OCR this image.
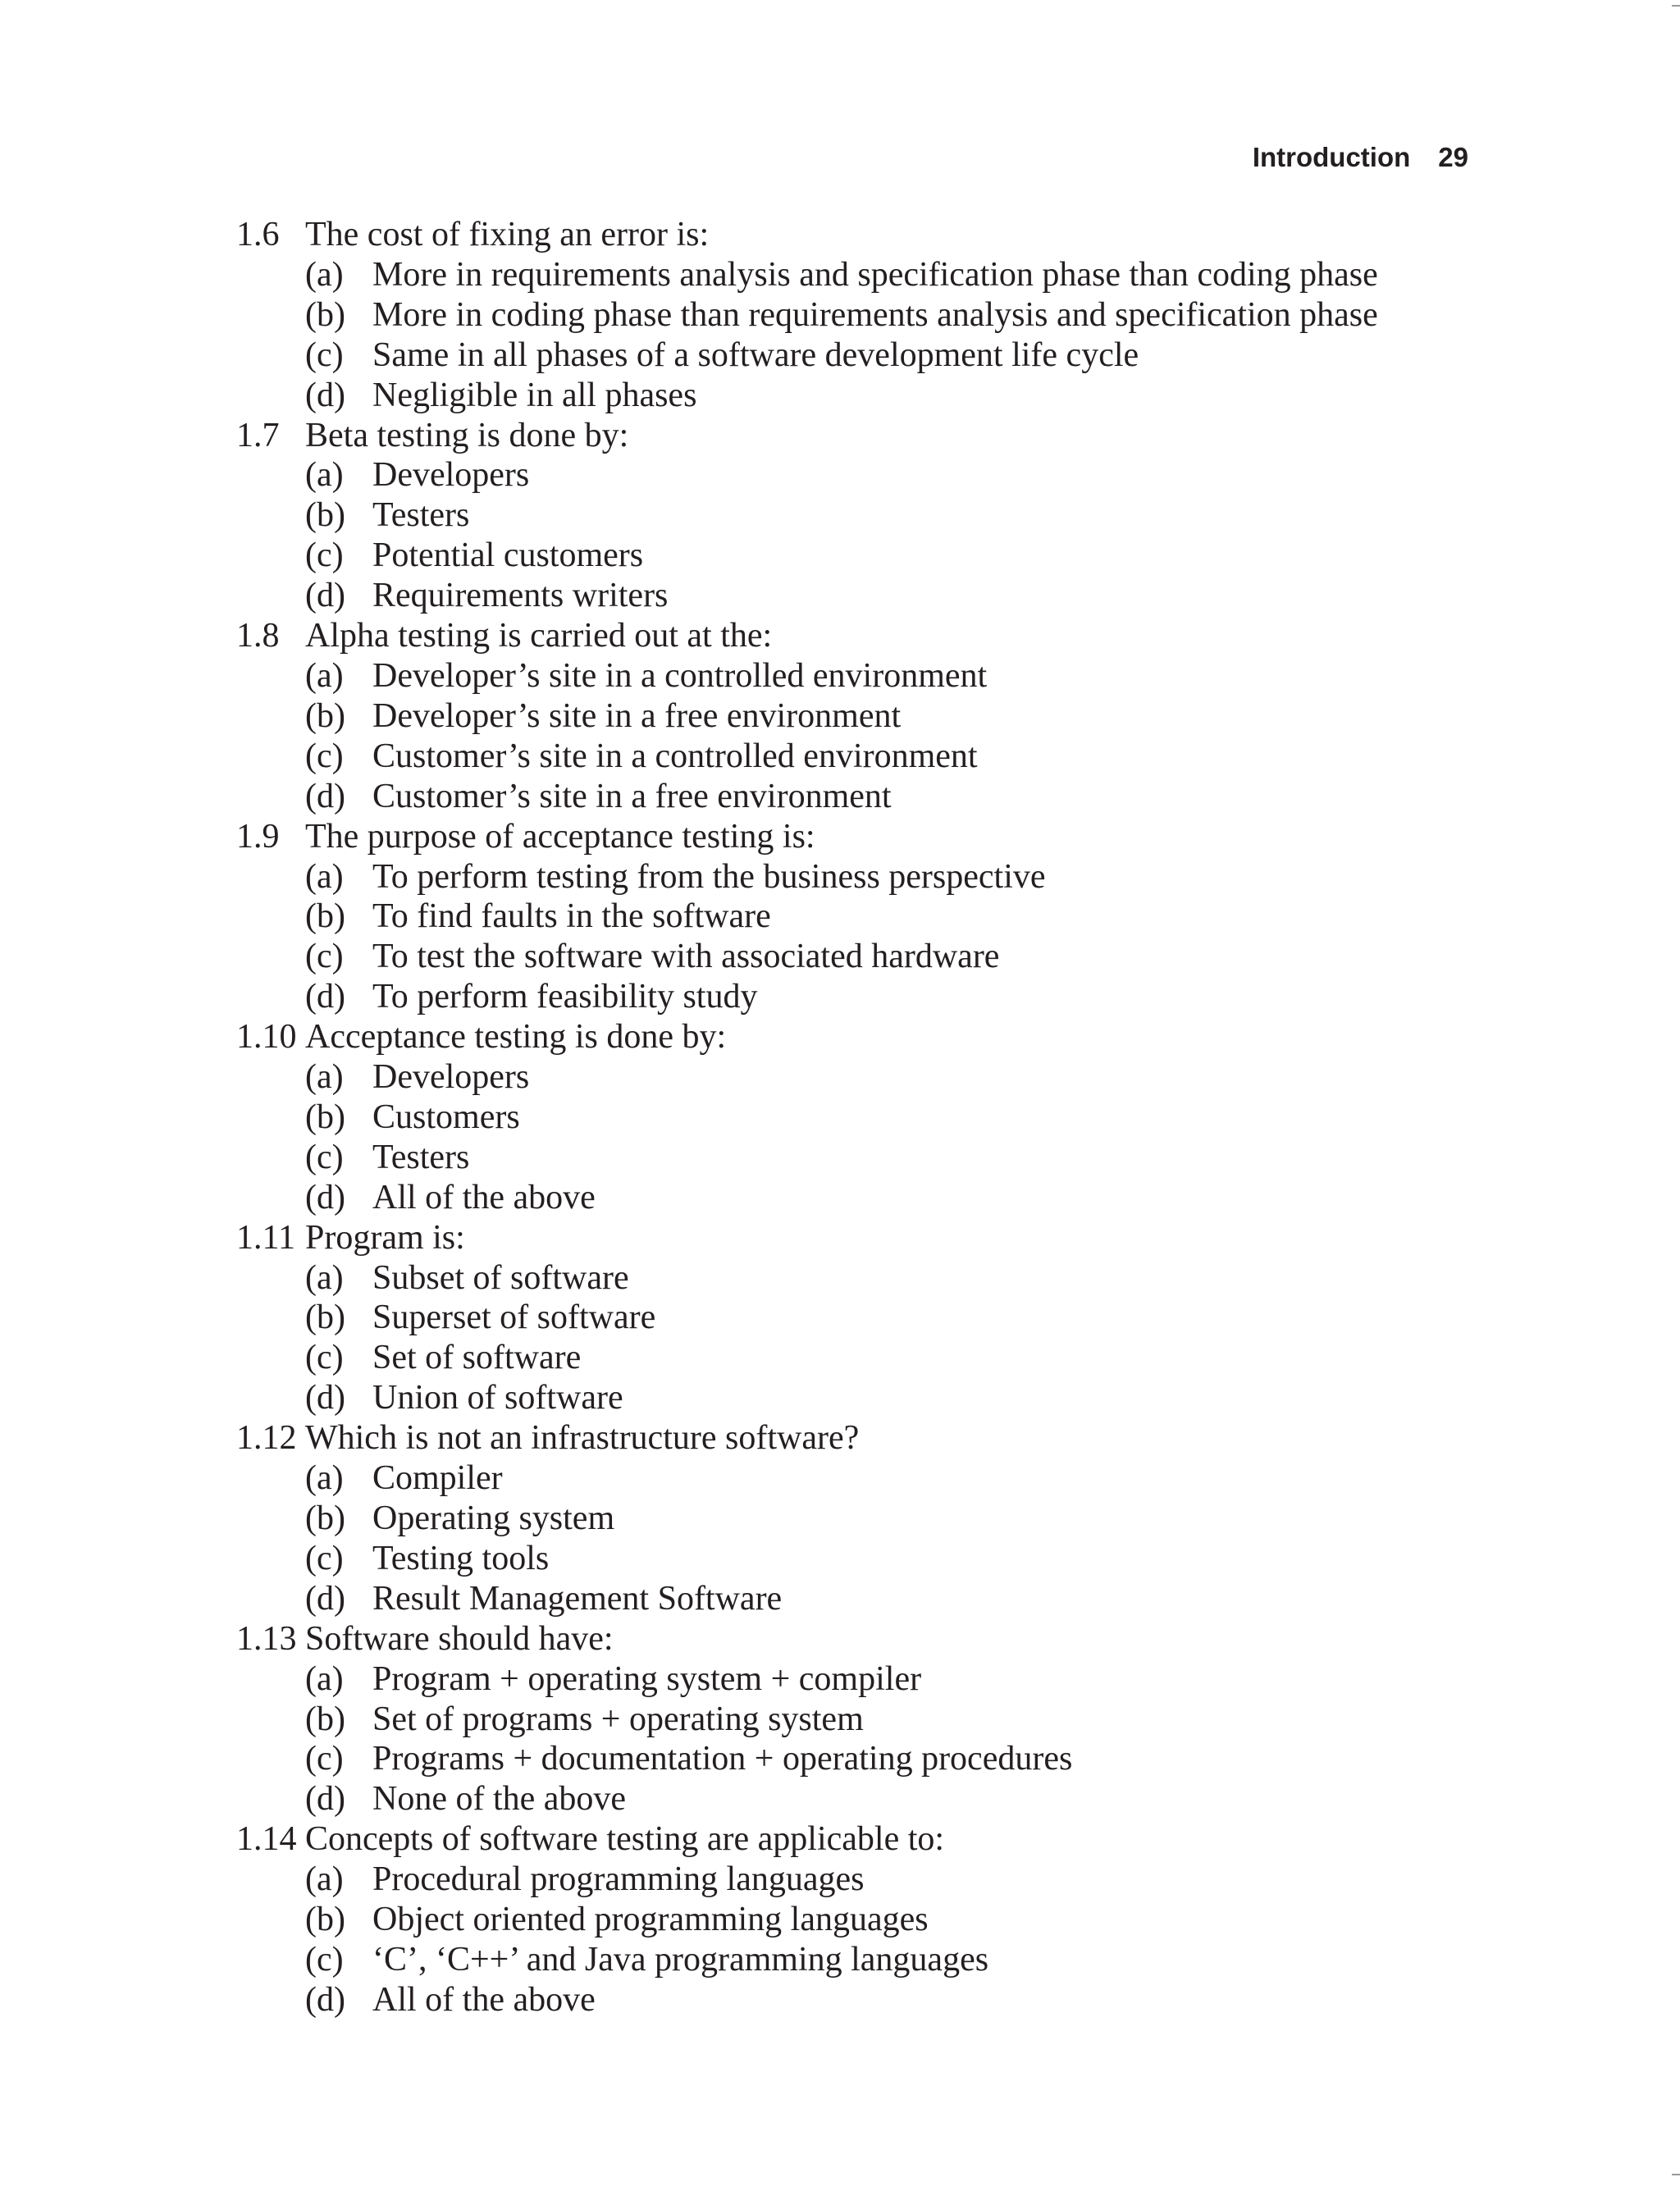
Introduction 29
1.6 The cost of fixing an error is:
(a) More in requirements analysis and specification phase than coding phase
(b) More in coding phase than requirements analysis and specification phase
(c) Same in all phases of a software development life cycle
(d) Negligible in all phases
1.7 Beta testing is done by:
(a) Developers
(b) Testers
(c) Potential customers
(d) Requirements writers
1.8 Alpha testing is carried out at the:
(a) Developer’s site in a controlled environment
(b) Developer’s site in a free environment
(c) Customer’s site in a controlled environment
(d) Customer’s site in a free environment
1.9 The purpose of acceptance testing is:
(a) To perform testing from the business perspective
(b) To find faults in the software
(c) To test the software with associated hardware
(d) To perform feasibility study
1.10 Acceptance testing is done by:
(a) Developers
(b) Customers
(c) Testers
(d) All of the above
1.11 Program is:
(a) Subset of software
(b) Superset of software
(c) Set of software
(d) Union of software
1.12 Which is not an infrastructure software?
(a) Compiler
(b) Operating system
(c) Testing tools
(d) Result Management Software
1.13 Software should have:
(a) Program + operating system + compiler
(b) Set of programs + operating system
(c) Programs + documentation + operating procedures
(d) None of the above
1.14 Concepts of software testing are applicable to:
(a) Procedural programming languages
(b) Object oriented programming languages
(c) ‘C’, ‘C++’ and Java programming languages
(d) All of the above
